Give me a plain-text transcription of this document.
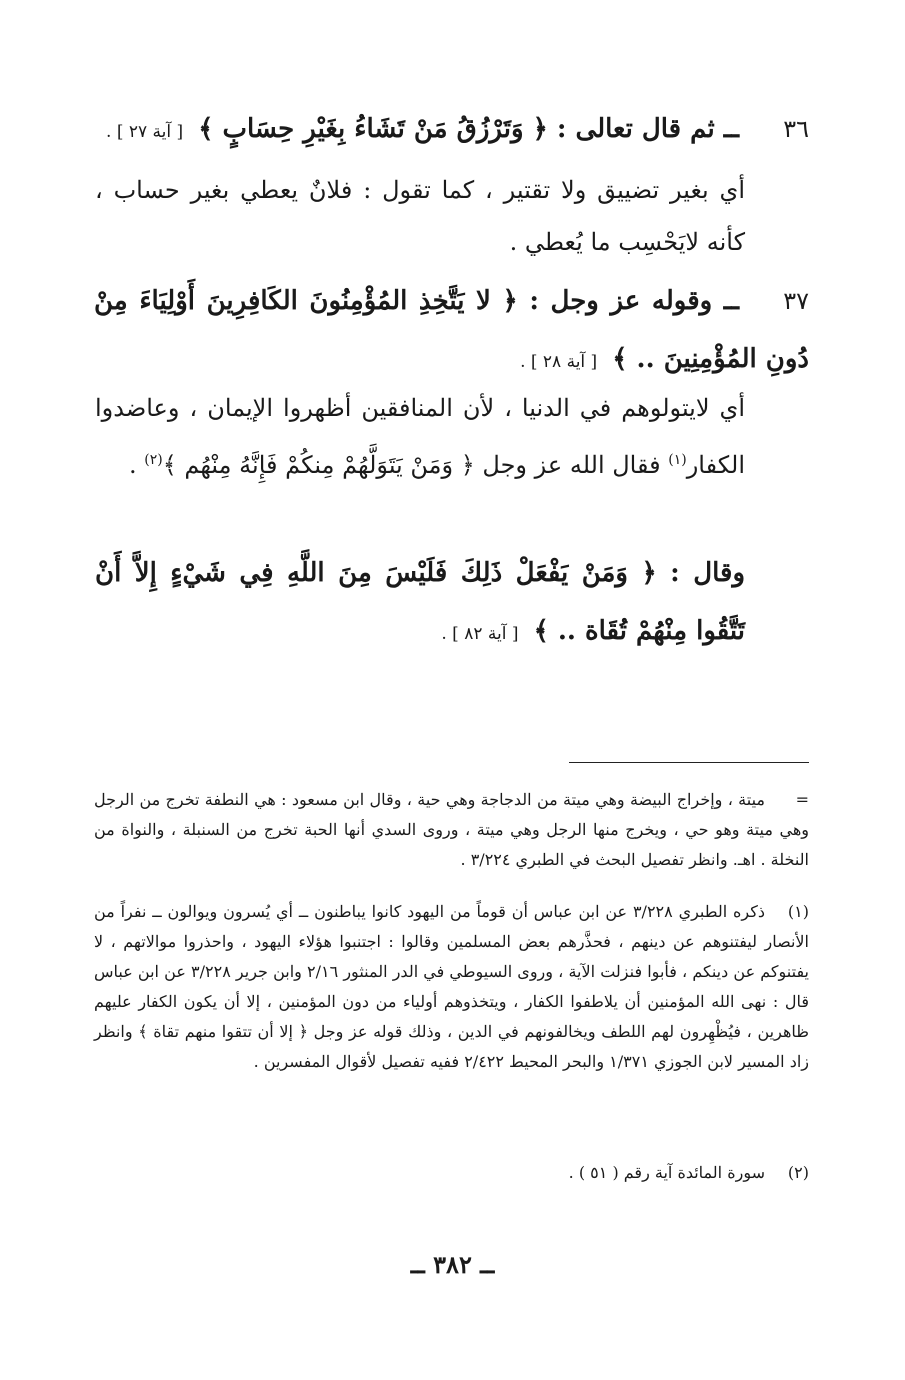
٣٦ــ ثم قال تعالى : ﴿ وَتَرْزُقُ مَنْ تَشَاءُ بِغَيْرِ حِسَابٍ ﴾ [ آية ٢٧ ] .
أي بغير تضييق ولا تقتير ، كما تقول : فلانٌ يعطي بغير حساب ، كأنه لايَحْسِب ما يُعطي .
٣٧ــ وقوله عز وجل : ﴿ لا يَتَّخِذِ المُؤْمِنُونَ الكَافِرِينَ أَوْلِيَاءَ مِنْ دُونِ المُؤْمِنِينَ .. ﴾ [ آية ٢٨ ] .
أي لايتولوهم في الدنيا ، لأن المنافقين أظهروا الإيمان ، وعاضدوا الكفار$^{(١)}$ فقال الله عز وجل ﴿ وَمَنْ يَتَوَلَّهُمْ مِنكُمْ فَإِنَّهُ مِنْهُم ﴾$^{(٢)}$ .
وقال : ﴿ وَمَنْ يَفْعَلْ ذَلِكَ فَلَيْسَ مِنَ اللَّهِ فِي شَيْءٍ إِلاَّ أَنْ تَتَّقُوا مِنْهُمْ تُقَاة .. ﴾ [ آية ٨٢ ] .
=ميتة ، وإخراج البيضة وهي ميتة من الدجاجة وهي حية ، وقال ابن مسعود : هي النطفة تخرج من الرجل وهي ميتة وهو حي ، ويخرج منها الرجل وهي ميتة ، وروى السدي أنها الحبة تخرج من السنبلة ، والنواة من النخلة . اهـ. وانظر تفصيل البحث في الطبري ٣/٢٢٤ .
(١)ذكره الطبري ٣/٢٢٨ عن ابن عباس أن قوماً من اليهود كانوا يباطنون ــ أي يُسرون ويوالون ــ نفراً من الأنصار ليفتنوهم عن دينهم ، فحذَّرهم بعض المسلمين وقالوا : اجتنبوا هؤلاء اليهود ، واحذروا موالاتهم ، لا يفتنوكم عن دينكم ، فأبوا فنزلت الآية ، وروى السيوطي في الدر المنثور ٢/١٦ وابن جرير ٣/٢٢٨ عن ابن عباس قال : نهى الله المؤمنين أن يلاطفوا الكفار ، ويتخذوهم أولياء من دون المؤمنين ، إلا أن يكون الكفار عليهم ظاهرين ، فيُظْهِرون لهم اللطف ويخالفونهم في الدين ، وذلك قوله عز وجل ﴿ إلا أن تتقوا منهم تقاة ﴾ وانظر زاد المسير لابن الجوزي ١/٣٧١ والبحر المحيط ٢/٤٢٢ ففيه تفصيل لأقوال المفسرين .
(٢)سورة المائدة آية رقم ( ٥١ ) .
ــ ٣٨٢ ــ
